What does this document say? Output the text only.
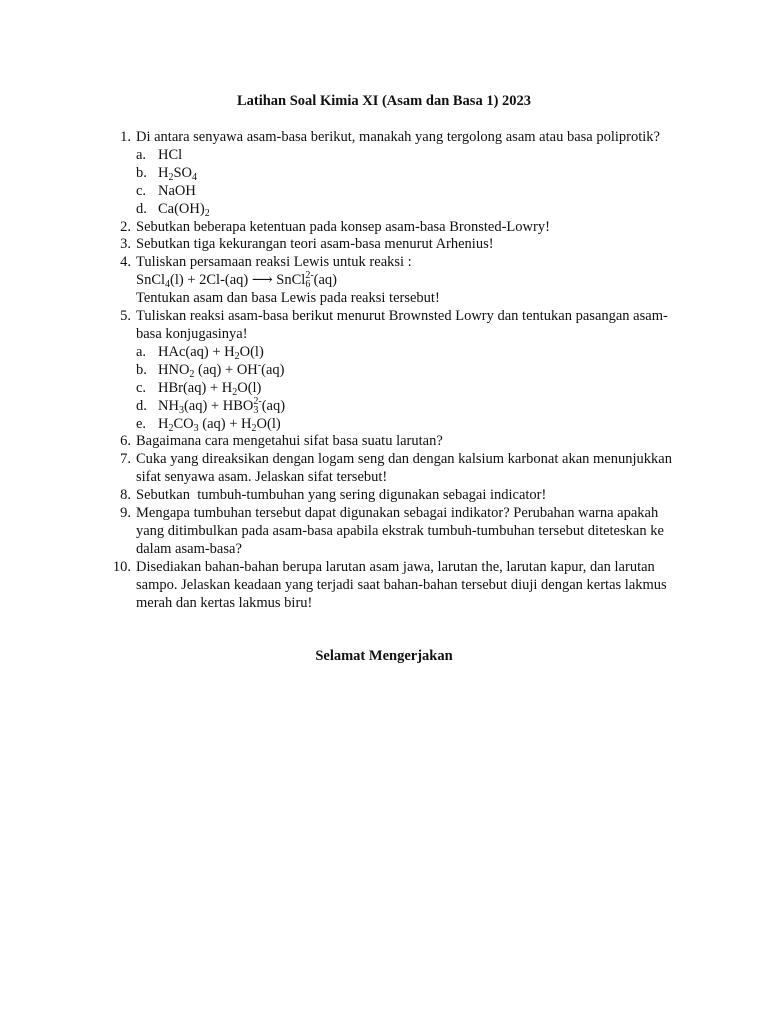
Latihan Soal Kimia XI (Asam dan Basa 1) 2023
1. Di antara senyawa asam-basa berikut, manakah yang tergolong asam atau basa poliprotik?
a. HCl
b. $H_2SO_4$
c. NaOH
d. $Ca(OH)_2$
2. Sebutkan beberapa ketentuan pada konsep asam-basa Bronsted-Lowry!
3. Sebutkan tiga kekurangan teori asam-basa menurut Arhenius!
4. Tuliskan persamaan reaksi Lewis untuk reaksi :
SnCl$_4$(l) + 2Cl-(aq) ⟶ SnCl$_6^{2-}$(aq)
Tentukan asam dan basa Lewis pada reaksi tersebut!
5. Tuliskan reaksi asam-basa berikut menurut Brownsted Lowry dan tentukan pasangan asam-basa konjugasinya!
a. $HAc(aq) + H_2O(l)$
b. $HNO_2$ (aq) + OH-(aq)
c. $HBr(aq) + H_2O(l)$
d. $NH_3(aq) + HBO_3^{2-}(aq)$
e. $H_2CO_3$ $(aq) + H_2O(l)$
6. Bagaimana cara mengetahui sifat basa suatu larutan?
7. Cuka yang direaksikan dengan logam seng dan dengan kalsium karbonat akan menunjukkan sifat senyawa asam. Jelaskan sifat tersebut!
8. Sebutkan  tumbuh-tumbuhan yang sering digunakan sebagai indicator!
9. Mengapa tumbuhan tersebut dapat digunakan sebagai indikator? Perubahan warna apakah yang ditimbulkan pada asam-basa apabila ekstrak tumbuh-tumbuhan tersebut diteteskan ke dalam asam-basa?
10. Disediakan bahan-bahan berupa larutan asam jawa, larutan the, larutan kapur, dan larutan sampo. Jelaskan keadaan yang terjadi saat bahan-bahan tersebut diuji dengan kertas lakmus merah dan kertas lakmus biru!
Selamat Mengerjakan
